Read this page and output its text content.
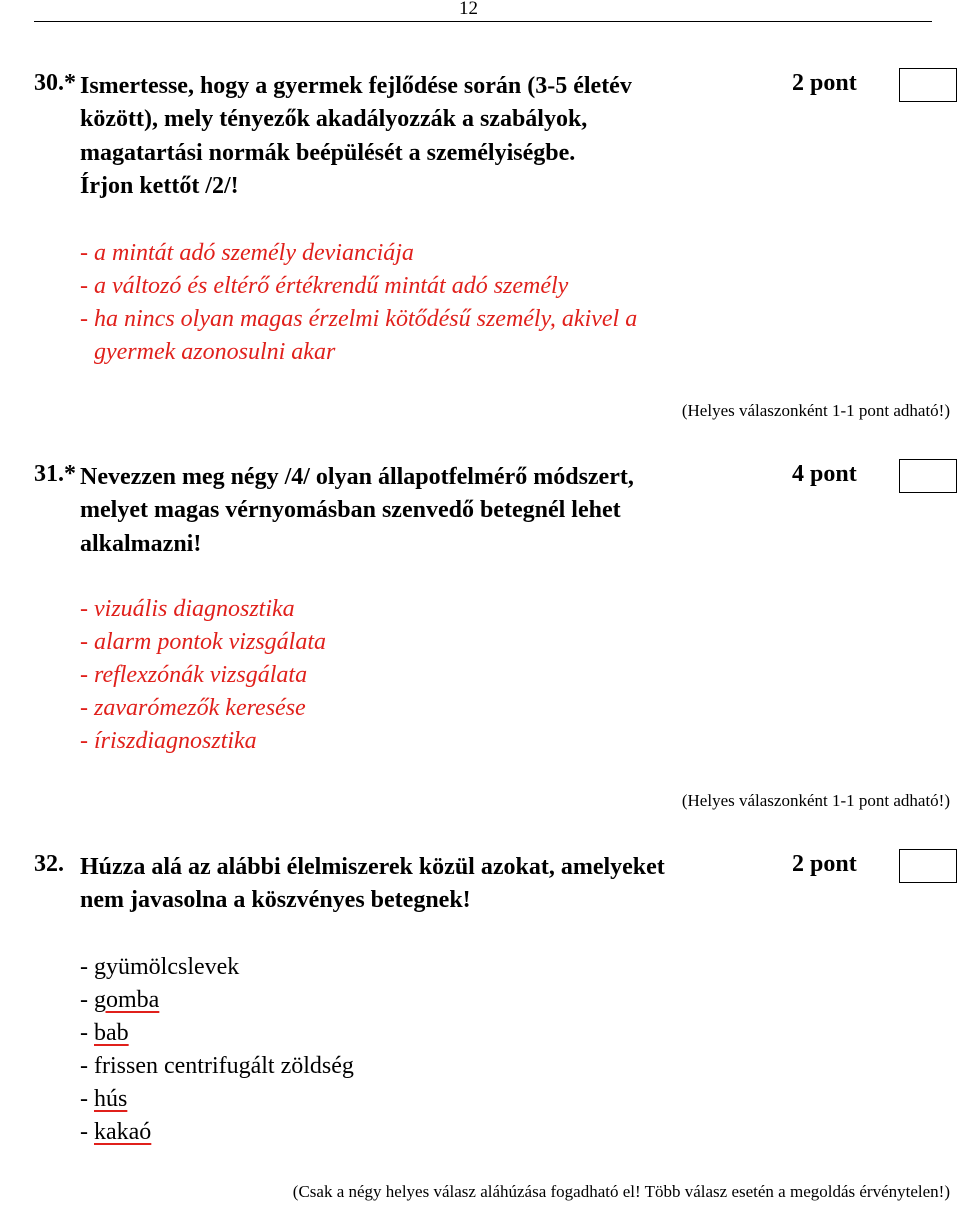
12
30.* Ismertesse, hogy a gyermek fejlődése során (3-5 életév
között), mely tényezők akadályozzák a szabályok,
magatartási normák beépülését a személyiségbe.
Írjon kettőt /2/!
2 pont
- a mintát adó személy devianciája
- a változó és eltérő értékrendű mintát adó személy
- ha nincs olyan magas érzelmi kötődésű személy, akivel a
gyermek azonosulni akar
(Helyes válaszonként 1-1 pont adható!)
31.* Nevezzen meg négy /4/ olyan állapotfelmérő módszert,
melyet magas vérnyomásban szenvedő betegnél lehet
alkalmazni!
4 pont
- vizuális diagnosztika
- alarm pontok vizsgálata
- reflexzónák vizsgálata
- zavarómezők keresése
- íriszdiagnosztika
(Helyes válaszonként 1-1 pont adható!)
32. Húzza alá az alábbi élelmiszerek közül azokat, amelyeket
nem javasolna a köszvényes betegnek!
2 pont
- gyümölcslevek
- gomba
- bab
- frissen centrifugált zöldség
- hús
- kakaó
(Csak a négy helyes válasz aláhúzása fogadható el! Több válasz esetén a megoldás érvénytelen!)
